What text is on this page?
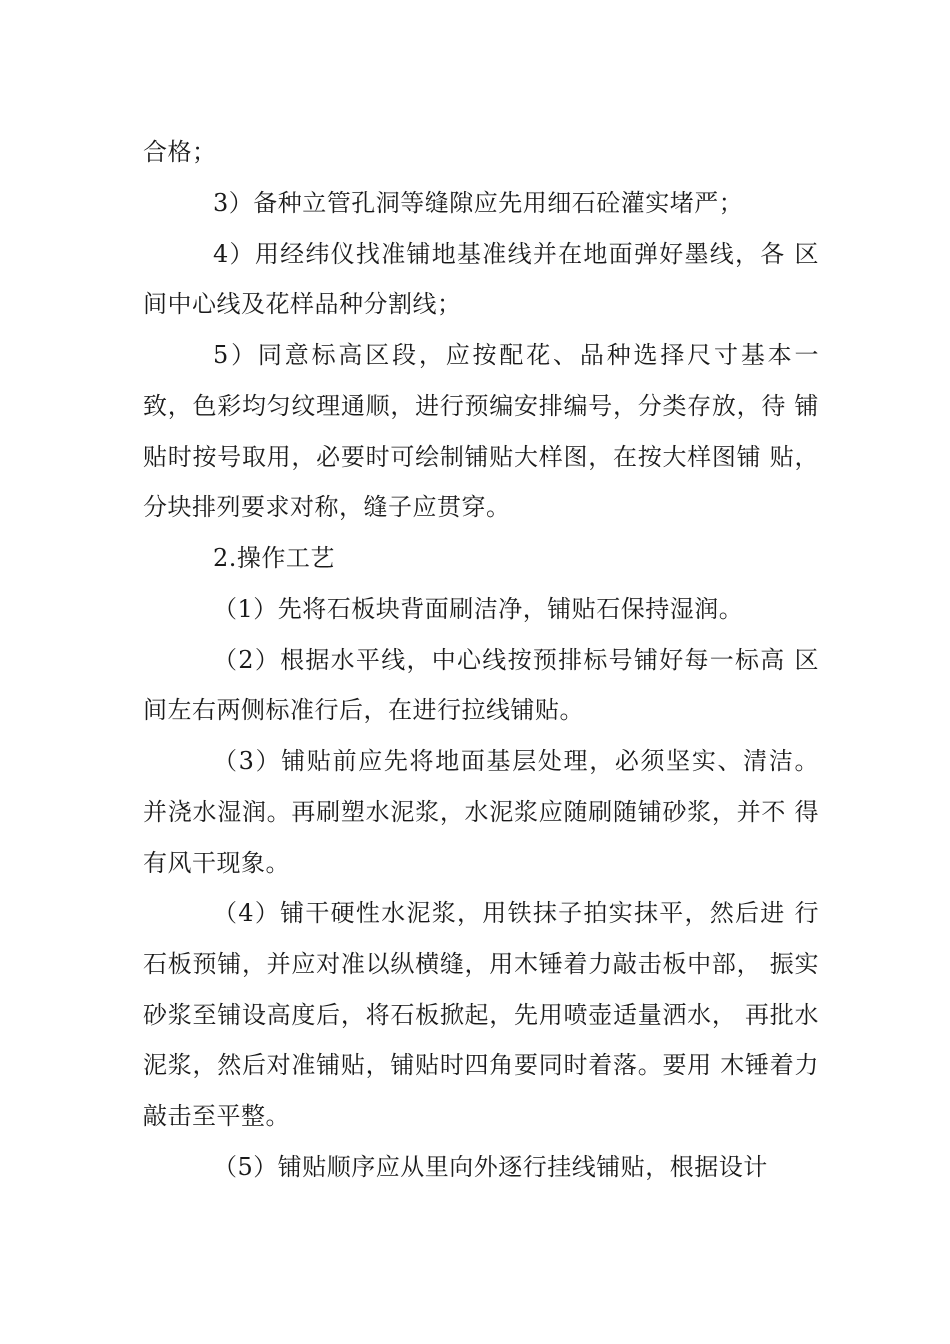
合格；
3）备种立管孔洞等缝隙应先用细石砼灌实堵严；
4）用经纬仪找准铺地基准线并在地面弹好墨线，各 区
间中心线及花样品种分割线；
5）同意标高区段，应按配花、品种选择尺寸基本一
致，色彩均匀纹理通顺，进行预编安排编号，分类存放，待 铺
贴时按号取用，必要时可绘制铺贴大样图，在按大样图铺 贴，
分块排列要求对称，缝子应贯穿。
2.操作工艺
（1）先将石板块背面刷洁净，铺贴石保持湿润。
（2）根据水平线，中心线按预排标号铺好每一标高 区
间左右两侧标准行后，在进行拉线铺贴。
（3）铺贴前应先将地面基层处理，必须坚实、清洁。
并浇水湿润。再刷塑水泥浆，水泥浆应随刷随铺砂浆，并不 得
有风干现象。
（4）铺干硬性水泥浆，用铁抹子拍实抹平，然后进 行
石板预铺，并应对准以纵横缝，用木锤着力敲击板中部， 振实
砂浆至铺设高度后，将石板掀起，先用喷壶适量洒水， 再批水
泥浆，然后对准铺贴，铺贴时四角要同时着落。要用 木锤着力
敲击至平整。
（5）铺贴顺序应从里向外逐行挂线铺贴，根据设计
